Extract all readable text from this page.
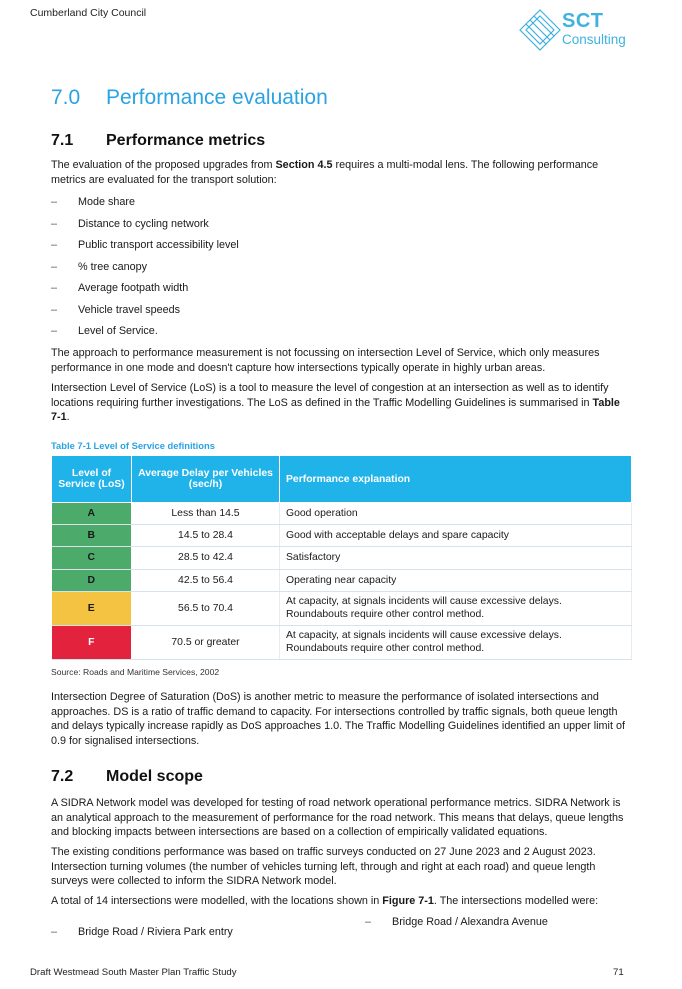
Cumberland City Council	SCT
Consulting
7.0	Performance evaluation
7.1	Performance metrics

The evaluation of the proposed upgrades from Section 4.5 requires a multi-modal lens. The following performance metrics are evaluated for the transport solution:

–	Mode share
–	Distance to cycling network
–	Public transport accessibility level
–	% tree canopy
–	Average footpath width
–	Vehicle travel speeds
–	Level of Service.

The approach to performance measurement is not focussing on intersection Level of Service, which only measures performance in one mode and doesn't capture how intersections typically operate in highly urban areas.

Intersection Level of Service (LoS) is a tool to measure the level of congestion at an intersection as well as to identify locations requiring further investigations. The LoS as defined in the Traffic Modelling Guidelines is summarised in Table 7-1.

Table 7-1 Level of Service definitions
Level of Service (LoS)	Average Delay per Vehicles (sec/h)	Performance explanation
A	Less than 14.5	Good operation
B	14.5 to 28.4	Good with acceptable delays and spare capacity
C	28.5 to 42.4	Satisfactory
D	42.5 to 56.4	Operating near capacity
E	56.5 to 70.4	At capacity, at signals incidents will cause excessive delays. Roundabouts require other control method.
F	70.5 or greater	At capacity, at signals incidents will cause excessive delays. Roundabouts require other control method.
Source: Roads and Maritime Services, 2002

Intersection Degree of Saturation (DoS) is another metric to measure the performance of isolated intersections and approaches. DS is a ratio of traffic demand to capacity. For intersections controlled by traffic signals, both queue length and delays typically increase rapidly as DoS approaches 1.0. The Traffic Modelling Guidelines identified an upper limit of 0.9 for signalised intersections.

7.2	Model scope

A SIDRA Network model was developed for testing of road network operational performance metrics. SIDRA Network is an analytical approach to the measurement of performance for the road network. This means that delays, queue lengths and blocking impacts between intersections are based on a collection of empirically validated equations.

The existing conditions performance was based on traffic surveys conducted on 27 June 2023 and 2 August 2023. Intersection turning volumes (the number of vehicles turning left, through and right at each road) and queue length surveys were collected to inform the SIDRA Network model.

A total of 14 intersections were modelled, with the locations shown in Figure 7-1. The intersections modelled were:

–	Bridge Road / Riviera Park entry
–	Bridge Road / Alexandra Avenue
Draft Westmead South Master Plan Traffic Study	71
